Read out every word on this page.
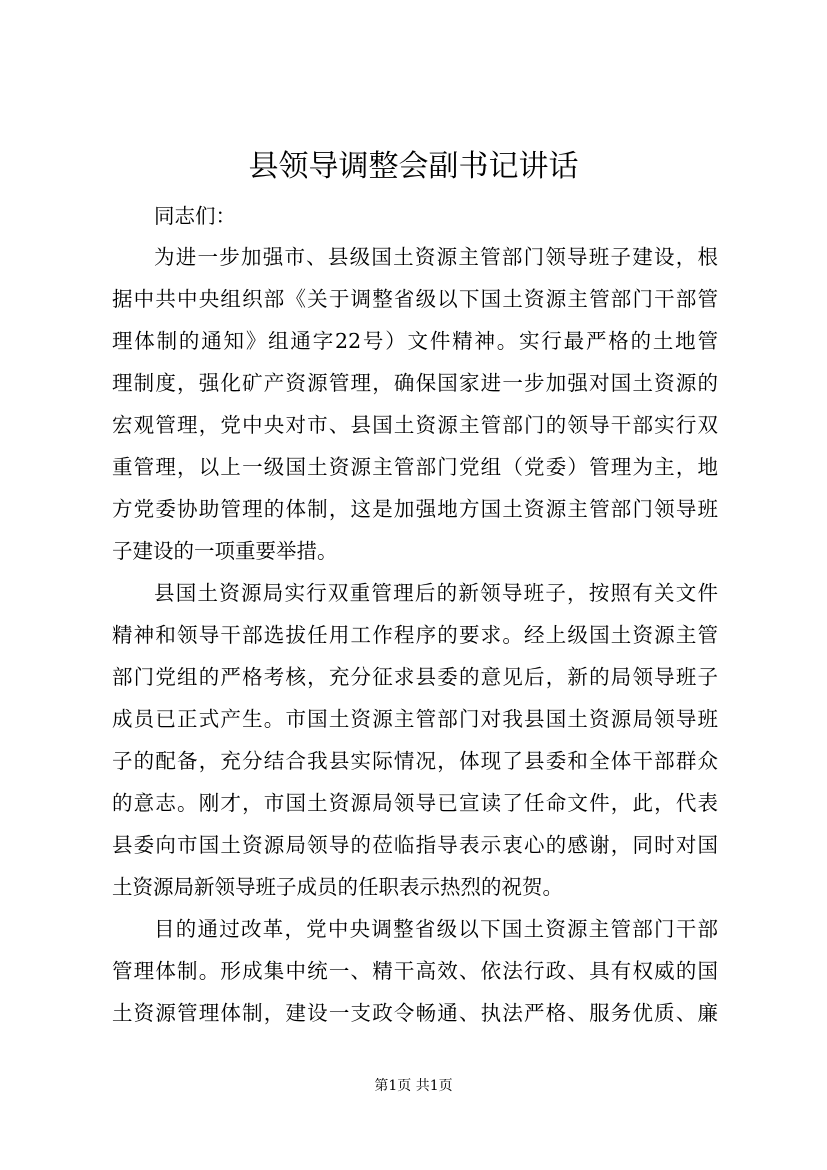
县领导调整会副书记讲话

同志们：

为进一步加强市、县级国土资源主管部门领导班子建设，根

据中共中央组织部《关于调整省级以下国土资源主管部门干部管

理体制的通知》组通字22号）文件精神。实行最严格的土地管

理制度，强化矿产资源管理，确保国家进一步加强对国土资源的

宏观管理，党中央对市、县国土资源主管部门的领导干部实行双

重管理，以上一级国土资源主管部门党组（党委）管理为主，地

方党委协助管理的体制，这是加强地方国土资源主管部门领导班

子建设的一项重要举措。

县国土资源局实行双重管理后的新领导班子，按照有关文件

精神和领导干部选拔任用工作程序的要求。经上级国土资源主管

部门党组的严格考核，充分征求县委的意见后，新的局领导班子

成员已正式产生。市国土资源主管部门对我县国土资源局领导班

子的配备，充分结合我县实际情况，体现了县委和全体干部群众

的意志。刚才，市国土资源局领导已宣读了任命文件，此，代表

县委向市国土资源局领导的莅临指导表示衷心的感谢，同时对国

土资源局新领导班子成员的任职表示热烈的祝贺。

目的通过改革，党中央调整省级以下国土资源主管部门干部

管理体制。形成集中统一、精干高效、依法行政、具有权威的国

土资源管理体制，建设一支政令畅通、执法严格、服务优质、廉

第1页 共1页
